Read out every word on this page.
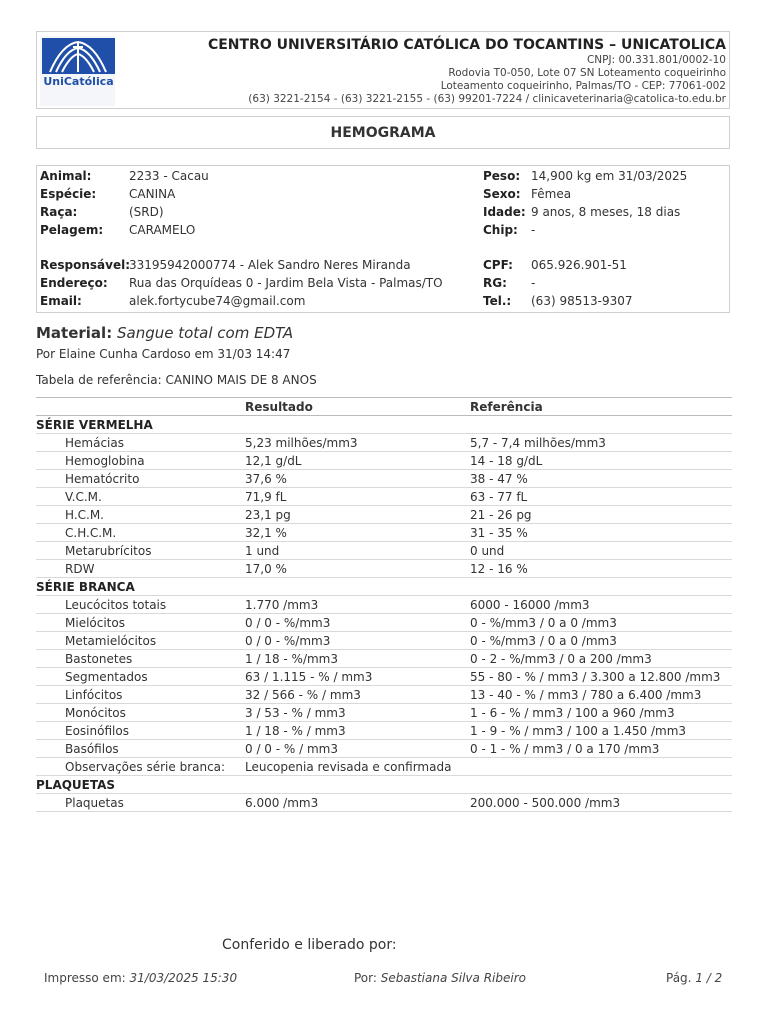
UniCatólica
CENTRO UNIVERSITÁRIO CATÓLICA DO TOCANTINS – UNICATOLICA
CNPJ: 00.331.801/0002-10
Rodovia T0-050, Lote 07 SN Loteamento coqueirinho
Loteamento coqueirinho, Palmas/TO - CEP: 77061-002
(63) 3221-2154 - (63) 3221-2155 - (63) 99201-7224 / clinicaveterinaria@catolica-to.edu.br
HEMOGRAMA
Animal:	2233 - Cacau
Espécie:	CANINA
Raça:	(SRD)
Pelagem: CARAMELO
Peso: 14,900 kg em 31/03/2025
Sexo: Fêmea
Idade: 9 anos, 8 meses, 18 dias
Chip: -
Responsável:
33195942000774 - Alek Sandro Neres Miranda
Endereço: Rua das Orquídeas 0 - Jardim Bela Vista - Palmas/TO
Email:	alek.fortycube74@gmail.com
CPF: 065.926.901-51
RG: -
Tel.: (63) 98513-9307
Material: Sangue total com EDTA
Por Elaine Cunha Cardoso em 31/03 14:47
Tabela de referência: CANINO MAIS DE 8 ANOS
	Resultado	Referência
SÉRIE VERMELHA		
Hemácias	5,23 milhões/mm3	5,7 - 7,4 milhões/mm3
Hemoglobina	12,1 g/dL	14 - 18 g/dL
Hematócrito	37,6 %	38 - 47 %
V.C.M.	71,9 fL	63 - 77 fL
H.C.M.	23,1 pg	21 - 26 pg
C.H.C.M.	32,1 %	31 - 35 %
Metarubrícitos	1 und	0 und
RDW	17,0 %	12 - 16 %
SÉRIE BRANCA		
Leucócitos totais	1.770 /mm3	6000 - 16000 /mm3
Mielócitos	0 / 0 - %/mm3	0 - %/mm3 / 0 a 0 /mm3
Metamielócitos	0 / 0 - %/mm3	0 - %/mm3 / 0 a 0 /mm3
Bastonetes	1 / 18 - %/mm3	0 - 2 - %/mm3 / 0 a 200 /mm3
Segmentados	63 / 1.115 - % / mm3	55 - 80 - % / mm3 / 3.300 a 12.800 /mm3
Linfócitos	32 / 566 - % / mm3	13 - 40 - % / mm3 / 780 a 6.400 /mm3
Monócitos	3 / 53 - % / mm3	1 - 6 - % / mm3 / 100 a 960 /mm3
Eosinófilos	1 / 18 - % / mm3	1 - 9 - % / mm3 / 100 a 1.450 /mm3
Basófilos	0 / 0 - % / mm3	0 - 1 - % / mm3 / 0 a 170 /mm3
Observações série branca:	Leucopenia revisada e confirmada	
PLAQUETAS		
Plaquetas	6.000 /mm3	200.000 - 500.000 /mm3
Conferido e liberado por:
Impresso em: 31/03/2025 15:30	Por: Sebastiana Silva Ribeiro	Pág. 1 / 2
